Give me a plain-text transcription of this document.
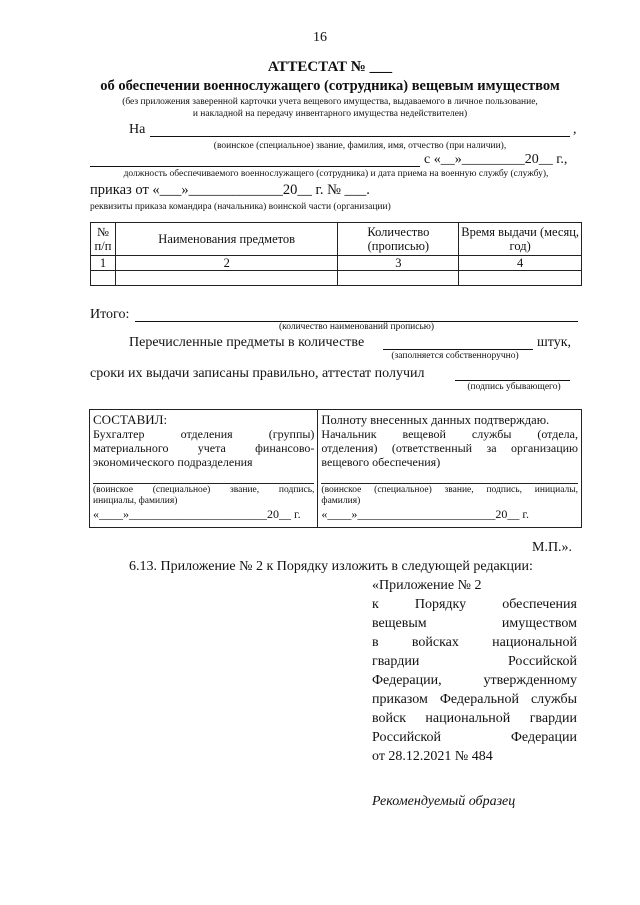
16
АТТЕСТАТ № ___
об обеспечении военнослужащего (сотрудника) вещевым имуществом
(без приложения заверенной карточки учета вещевого имущества, выдаваемого в личное пользование,
и накладной на передачу инвентарного имущества недействителен)
На	,
(воинское (специальное) звание, фамилия, имя, отчество (при наличии),
с «__»_________20__ г.,
должность обеспечиваемого военнослужащего (сотрудника) и дата приема на военную службу (службу),
приказ от «___»_____________20__ г. № ___.
реквизиты приказа командира (начальника) воинской части (организации)
№ п/п	Наименования предметов	Количество (прописью)	Время выдачи (месяц, год)
1	2	3	4

Итого:
(количество наименований прописью)
Перечисленные предметы в количестве	штук,
(заполняется собственноручно)
сроки их выдачи записаны правильно, аттестат получил
(подпись убывающего)
СОСТАВИЛ:
Бухгалтер отделения (группы)
материального учета финансово-
экономического подразделения
(воинское (специальное) звание, подпись,
инициалы, фамилия)
«____»_______________________20__ г.

Полноту внесенных данных подтверждаю.
Начальник вещевой службы (отдела,
отделения) (ответственный за организацию
вещевого обеспечения)
(воинское (специальное) звание, подпись, инициалы,
фамилия)
«____»_______________________20__ г.
М.П.».
6.13. Приложение № 2 к Порядку изложить в следующей редакции:
«Приложение № 2
к Порядку обеспечения
вещевым имуществом
в войсках национальной
гвардии Российской
Федерации, утвержденному
приказом Федеральной службы
войск национальной гвардии
Российской Федерации
от 28.12.2021 № 484
Рекомендуемый образец
